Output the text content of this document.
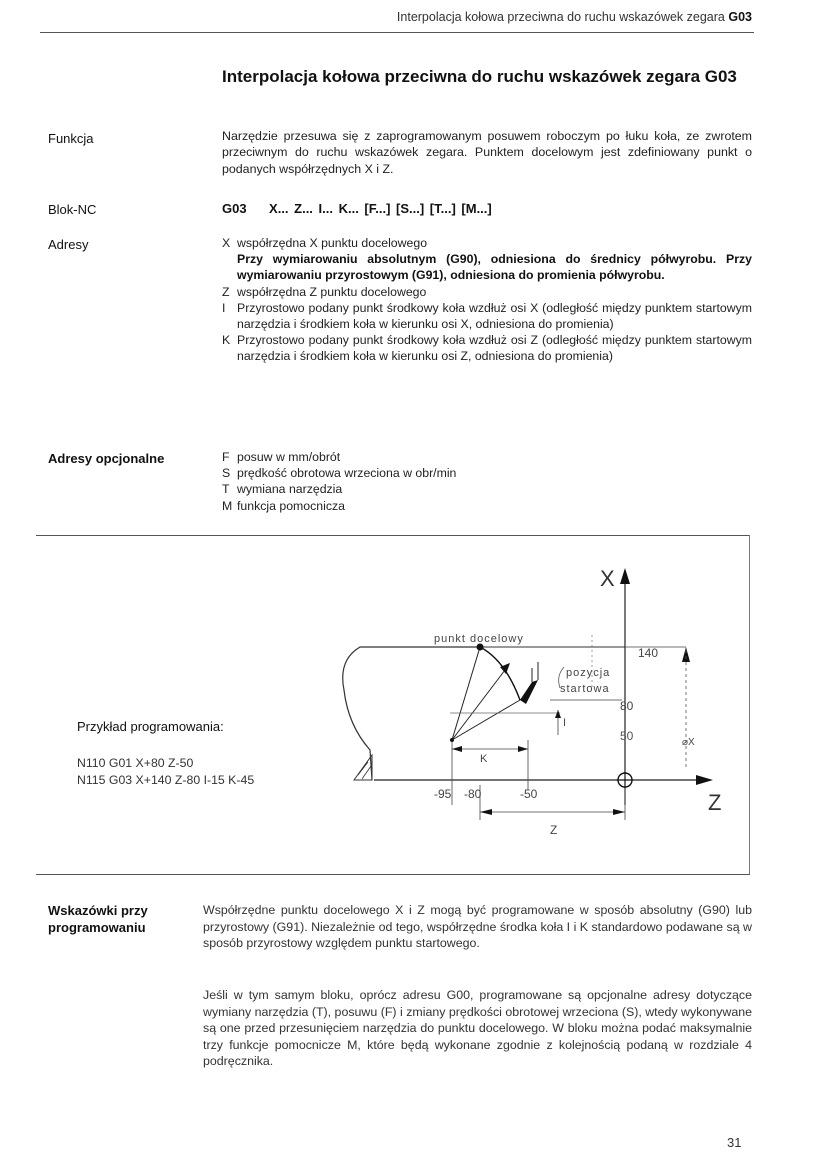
Interpolacja kołowa przeciwna do ruchu wskazówek zegara G03
Interpolacja kołowa przeciwna do ruchu wskazówek zegara G03
Funkcja	Narzędzie przesuwa się z zaprogramowanym posuwem roboczym po łuku koła, ze zwrotem przeciwnym do ruchu wskazówek zegara. Punktem docelowym jest zdefiniowany punkt o podanych współrzędnych X i Z.
Blok-NC	G03    X... Z... I... K... [F...] [S...] [T...] [M...]
Adresy	X współrzędna X punktu docelowego
Przy wymiarowaniu absolutnym (G90), odniesiona do średnicy półwyrobu. Przy wymiarowaniu przyrostowym (G91), odniesiona do promienia półwyrobu.
Z współrzędna Z punktu docelowego
I Przyrostowo podany punkt środkowy koła wzdłuż osi X (odległość między punktem startowym narzędzia i środkiem koła w kierunku osi X, odniesiona do promienia)
K Przyrostowo podany punkt środkowy koła wzdłuż osi Z (odległość między punktem startowym narzędzia i środkiem koła w kierunku osi Z, odniesiona do promienia)
Adresy opcjonalne	F posuw w mm/obrót
S prędkość obrotowa wrzeciona w obr/min
T wymiana narzędzia
M funkcja pomocnicza
Przykład programowania:
N110 G01 X+80 Z-50
N115 G03 X+140 Z-80 I-15 K-45
X
Z
punkt docelowy
pozycja
startowa
140
⌀X
80
50
I
K
-95 -80	-50
Z
Wskazówki przy
programowaniu
Współrzędne punktu docelowego X i Z mogą być programowane w sposób absolutny (G90) lub przyrostowy (G91). Niezależnie od tego, współrzędne środka koła I i K standardowo podawane są w sposób przyrostowy względem punktu startowego.
Jeśli w tym samym bloku, oprócz adresu G00, programowane są opcjonalne adresy dotyczące wymiany narzędzia (T), posuwu (F) i zmiany prędkości obrotowej wrzeciona (S), wtedy wykonywane są one przed przesunięciem narzędzia do punktu docelowego. W bloku można podać maksymalnie trzy funkcje pomocnicze M, które będą wykonane zgodnie z kolejnością podaną w rozdziale 4 podręcznika.
31
